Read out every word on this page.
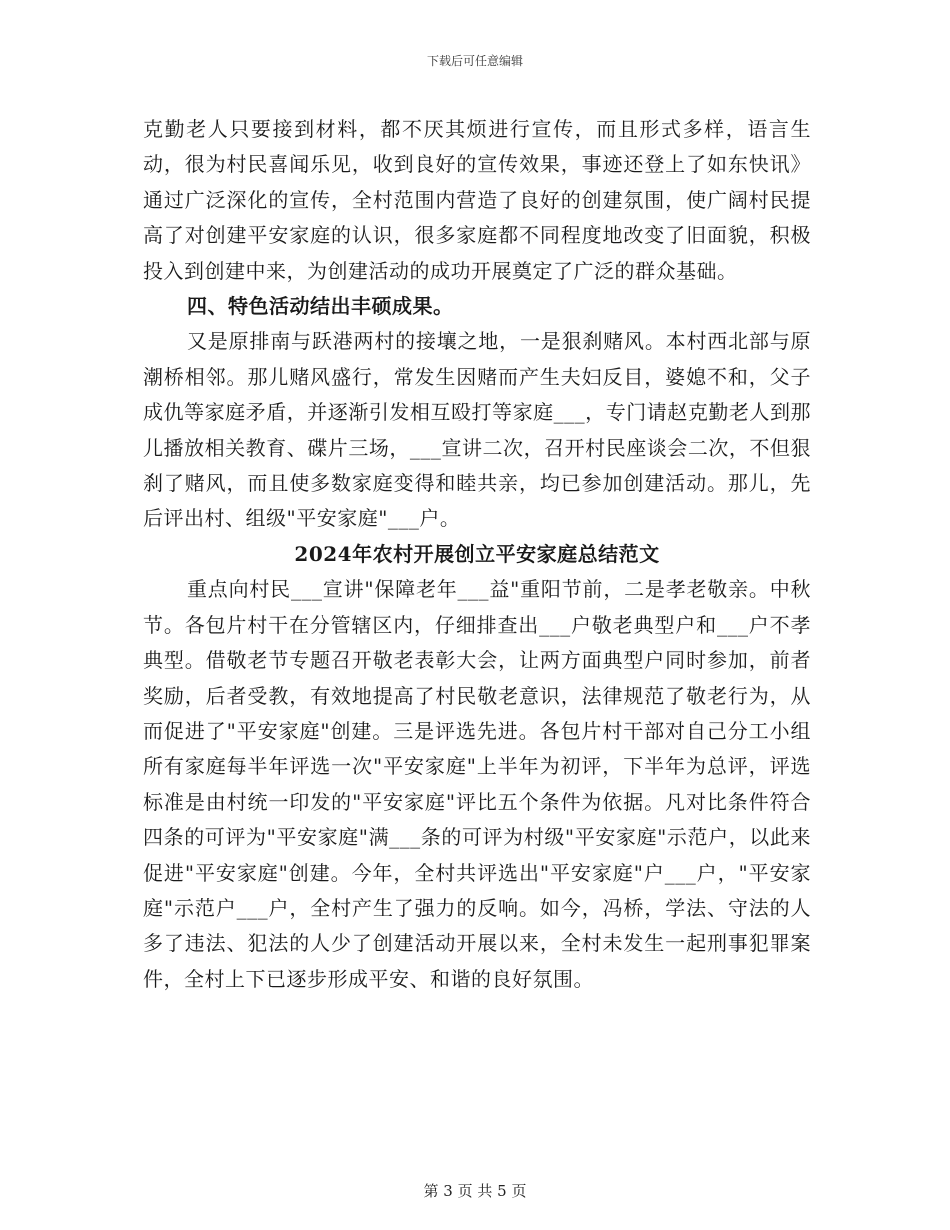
下载后可任意编辑

克勤老人只要接到材料，都不厌其烦进行宣传，而且形式多样，语言生动，很为村民喜闻乐见，收到良好的宣传效果，事迹还登上了如东快讯》通过广泛深化的宣传，全村范围内营造了良好的创建氛围，使广阔村民提高了对创建平安家庭的认识，很多家庭都不同程度地改变了旧面貌，积极投入到创建中来，为创建活动的成功开展奠定了广泛的群众基础。

四、特色活动结出丰硕成果。

又是原排南与跃港两村的接壤之地，一是狠刹赌风。本村西北部与原潮桥相邻。那儿赌风盛行，常发生因赌而产生夫妇反目，婆媳不和，父子成仇等家庭矛盾，并逐渐引发相互殴打等家庭___，专门请赵克勤老人到那儿播放相关教育、碟片三场，___宣讲二次，召开村民座谈会二次，不但狠刹了赌风，而且使多数家庭变得和睦共亲，均已参加创建活动。那儿，先后评出村、组级"平安家庭"___户。

2024年农村开展创立平安家庭总结范文

重点向村民___宣讲"保障老年___益"重阳节前，二是孝老敬亲。中秋节。各包片村干在分管辖区内，仔细排查出___户敬老典型户和___户不孝典型。借敬老节专题召开敬老表彰大会，让两方面典型户同时参加，前者奖励，后者受教，有效地提高了村民敬老意识，法律规范了敬老行为，从而促进了"平安家庭"创建。三是评选先进。各包片村干部对自己分工小组所有家庭每半年评选一次"平安家庭"上半年为初评，下半年为总评，评选标准是由村统一印发的"平安家庭"评比五个条件为依据。凡对比条件符合四条的可评为"平安家庭"满___条的可评为村级"平安家庭"示范户，以此来促进"平安家庭"创建。今年，全村共评选出"平安家庭"户___户，"平安家庭"示范户___户，全村产生了强力的反响。如今，冯桥，学法、守法的人多了违法、犯法的人少了创建活动开展以来，全村未发生一起刑事犯罪案件，全村上下已逐步形成平安、和谐的良好氛围。

第 3 页 共 5 页
